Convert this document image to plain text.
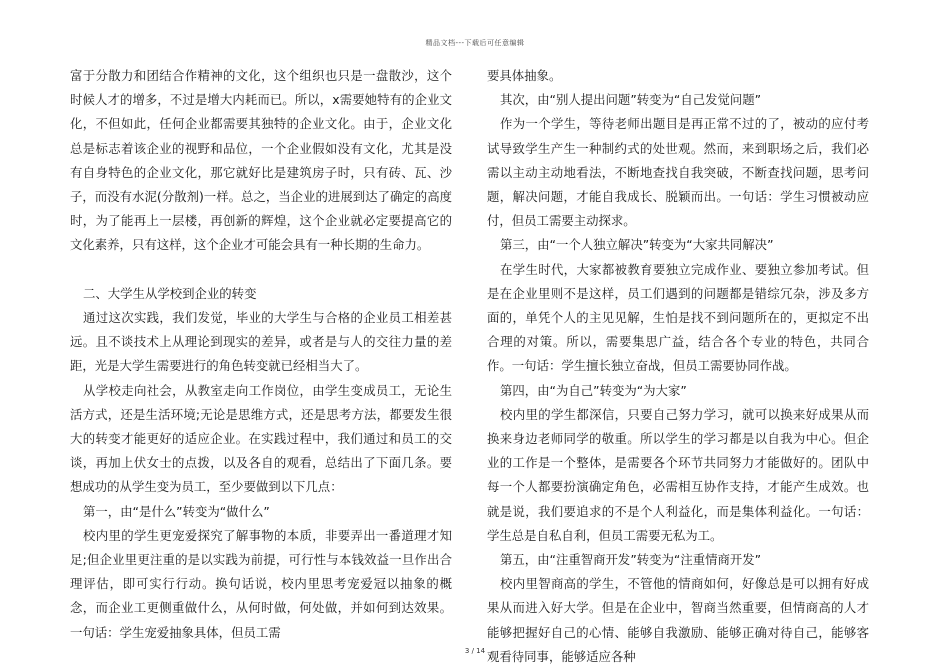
精品文档---下载后可任意编辑

富于分散力和团结合作精神的文化，这个组织也只是一盘散沙，这个时候人才的增多，不过是增大内耗而已。所以，x需要她特有的企业文化，不但如此，任何企业都需要其独特的企业文化。由于，企业文化总是标志着该企业的视野和品位，一个企业假如没有文化，尤其是没有自身特色的企业文化，那它就好比是建筑房子时，只有砖、瓦、沙子，而没有水泥(分散剂)一样。总之，当企业的进展到达了确定的高度时，为了能再上一层楼，再创新的辉煌，这个企业就必定要提高它的文化素养，只有这样，这个企业才可能会具有一种长期的生命力。

二、大学生从学校到企业的转变

通过这次实践，我们发觉，毕业的大学生与合格的企业员工相差甚远。且不谈技术上从理论到现实的差异，或者是与人的交往力量的差距，光是大学生需要进行的角色转变就已经相当大了。

从学校走向社会，从教室走向工作岗位，由学生变成员工，无论生活方式，还是生活环境;无论是思维方式，还是思考方法，都要发生很大的转变才能更好的适应企业。在实践过程中，我们通过和员工的交谈，再加上伏女士的点拨，以及各自的观看，总结出了下面几条。要想成功的从学生变为员工，至少要做到以下几点：

第一，由“是什么”转变为“做什么”

校内里的学生更宠爱探究了解事物的本质，非要弄出一番道理才知足;但企业里更注重的是以实践为前提，可行性与本钱效益一旦作出合理评估，即可实行行动。换句话说，校内里思考宠爱冠以抽象的概念，而企业工更侧重做什么，从何时做，何处做，并如何到达效果。一句话：学生宠爱抽象具体，但员工需

要具体抽象。

其次，由“别人提出问题”转变为“自己发觉问题”

作为一个学生，等待老师出题目是再正常不过的了，被动的应付考试导致学生产生一种制约式的处世观。然而，来到职场之后，我们必需以主动主动地看法，不断地查找自我突破，不断查找问题，思考问题，解决问题，才能自我成长、脱颖而出。一句话：学生习惯被动应付，但员工需要主动探求。

第三，由“一个人独立解决”转变为“大家共同解决”

在学生时代，大家都被教育要独立完成作业、要独立参加考试。但是在企业里则不是这样，员工们遇到的问题都是错综冗杂，涉及多方面的，单凭个人的主见见解，生怕是找不到问题所在的，更拟定不出合理的对策。所以，需要集思广益，结合各个专业的特色，共同合作。一句话：学生擅长独立奋战，但员工需要协同作战。

第四，由“为自己”转变为“为大家”

校内里的学生都深信，只要自己努力学习，就可以换来好成果从而换来身边老师同学的敬重。所以学生的学习都是以自我为中心。但企业的工作是一个整体，是需要各个环节共同努力才能做好的。团队中每一个人都要扮演确定角色，必需相互协作支持，才能产生成效。也就是说，我们要追求的不是个人利益化，而是集体利益化。一句话：学生总是自私自利，但员工需要无私为工。

第五，由“注重智商开发”转变为“注重情商开发”

校内里智商高的学生，不管他的情商如何，好像总是可以拥有好成果从而进入好大学。但是在企业中，智商当然重要，但情商高的人才能够把握好自己的心情、能够自我激励、能够正确对待自己，能够客观看待同事，能够适应各种

3 / 14
